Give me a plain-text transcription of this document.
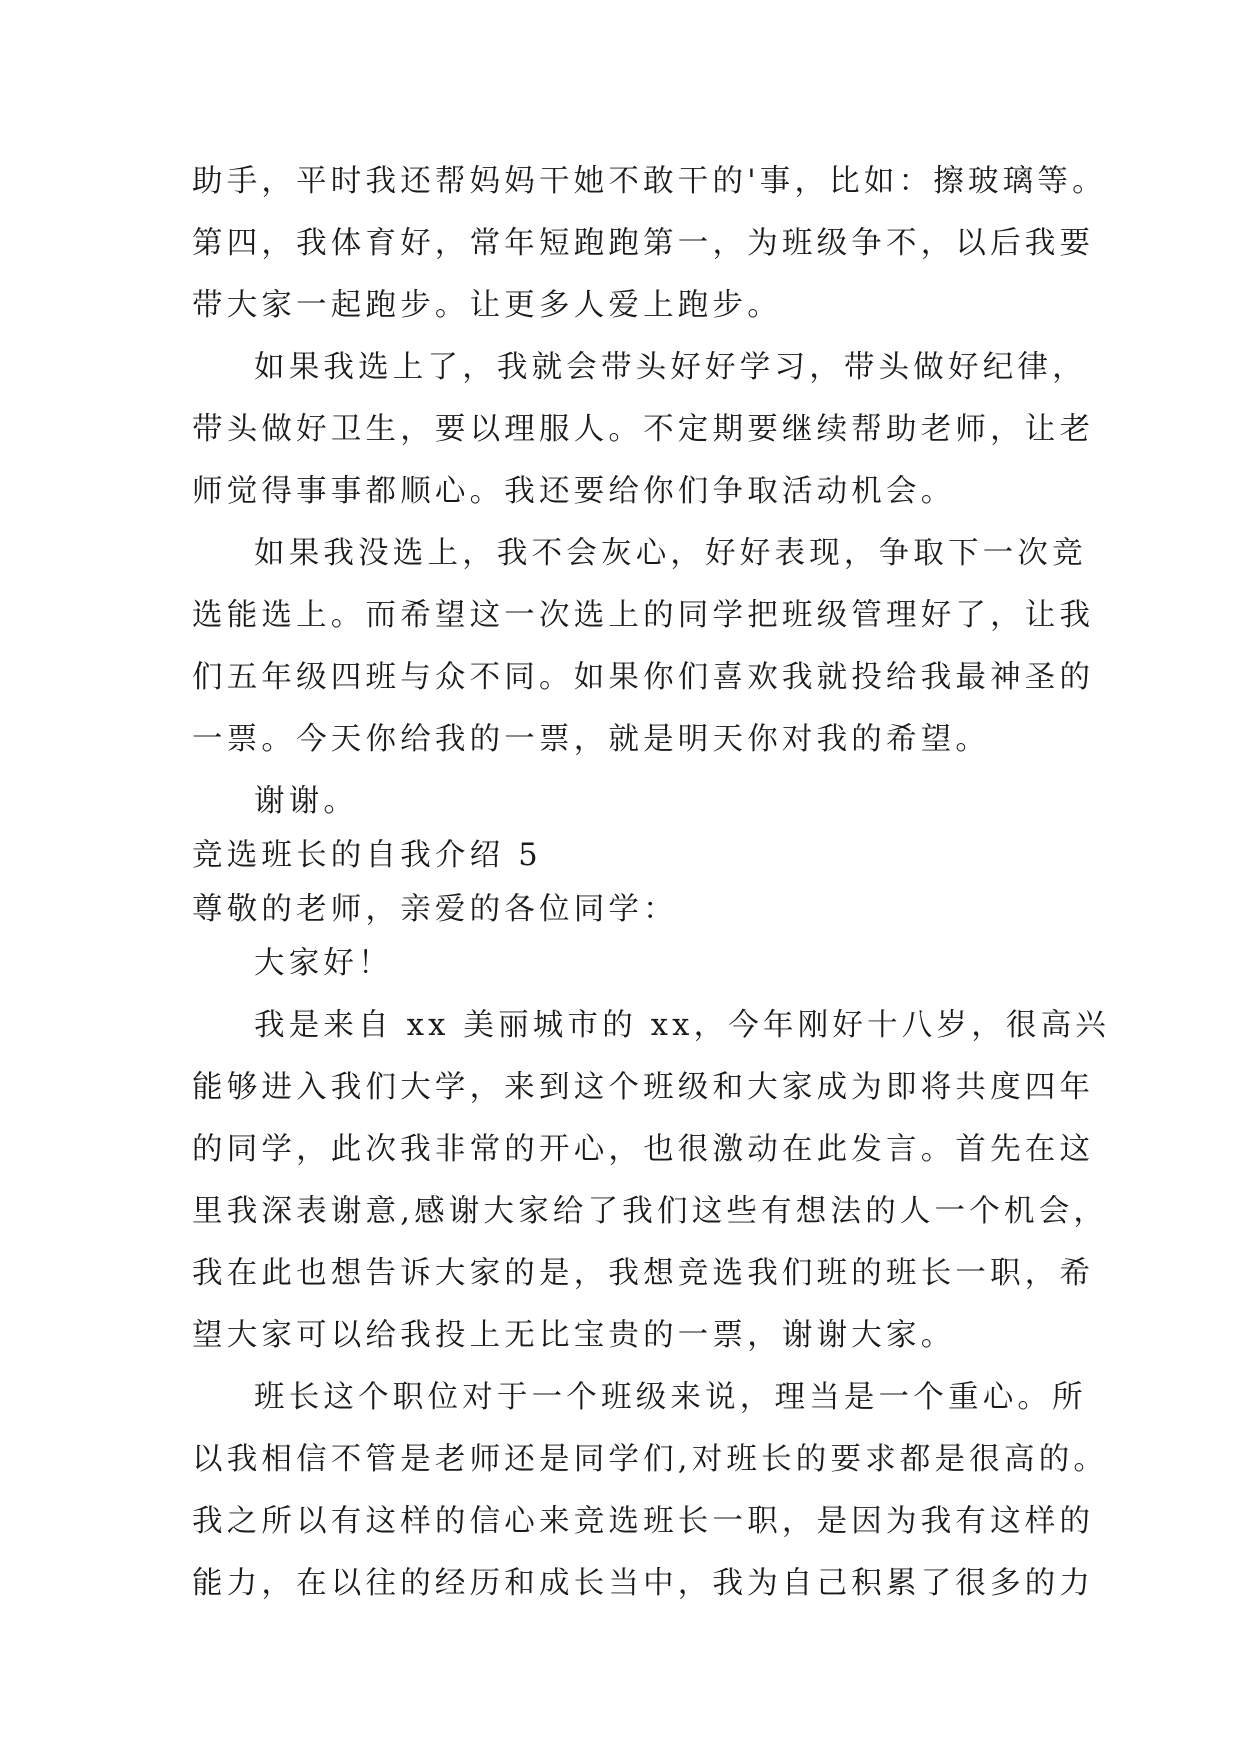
助手，平时我还帮妈妈干她不敢干的'事，比如：擦玻璃等。
第四，我体育好，常年短跑跑第一，为班级争不，以后我要
带大家一起跑步。让更多人爱上跑步。
如果我选上了，我就会带头好好学习，带头做好纪律，
带头做好卫生，要以理服人。不定期要继续帮助老师，让老
师觉得事事都顺心。我还要给你们争取活动机会。
如果我没选上，我不会灰心，好好表现，争取下一次竞
选能选上。而希望这一次选上的同学把班级管理好了，让我
们五年级四班与众不同。如果你们喜欢我就投给我最神圣的
一票。今天你给我的一票，就是明天你对我的希望。
谢谢。
竞选班长的自我介绍 5
尊敬的老师，亲爱的各位同学：
大家好！
我是来自 xx 美丽城市的 xx，今年刚好十八岁，很高兴
能够进入我们大学，来到这个班级和大家成为即将共度四年
的同学，此次我非常的开心，也很激动在此发言。首先在这
里我深表谢意,感谢大家给了我们这些有想法的人一个机会，
我在此也想告诉大家的是，我想竞选我们班的班长一职，希
望大家可以给我投上无比宝贵的一票，谢谢大家。
班长这个职位对于一个班级来说，理当是一个重心。所
以我相信不管是老师还是同学们,对班长的要求都是很高的。
我之所以有这样的信心来竞选班长一职，是因为我有这样的
能力，在以往的经历和成长当中，我为自己积累了很多的力
